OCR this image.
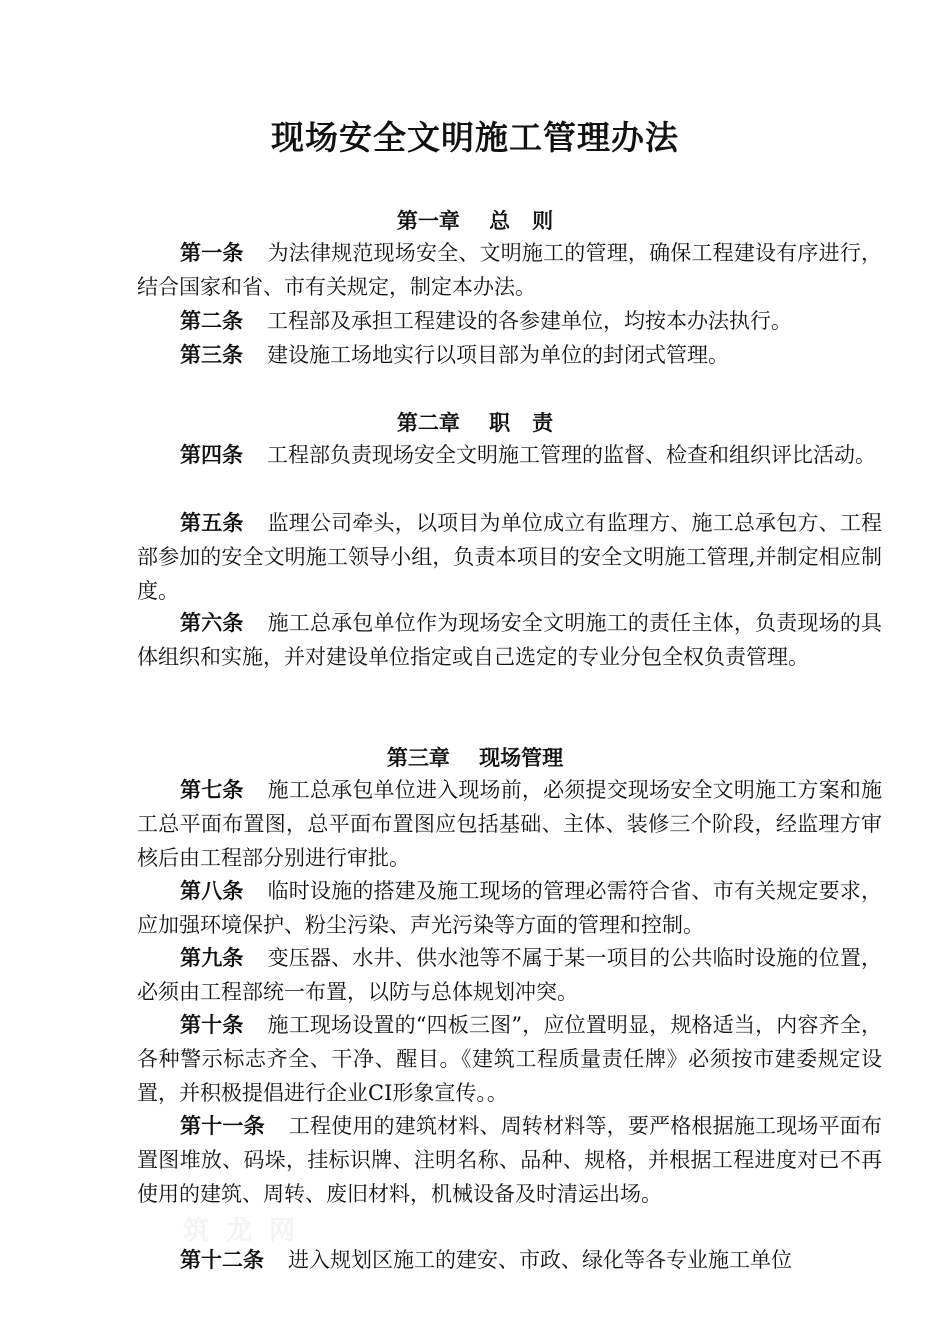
现场安全文明施工管理办法
第一章    总   则
第一条 为法律规范现场安全、文明施工的管理，确保工程建设有序进行，结合国家和省、市有关规定，制定本办法。
第二条 工程部及承担工程建设的各参建单位，均按本办法执行。
第三条 建设施工场地实行以项目部为单位的封闭式管理。
第二章    职   责
第四条 工程部负责现场安全文明施工管理的监督、检查和组织评比活动。
第五条 监理公司牵头，以项目为单位成立有监理方、施工总承包方、工程部参加的安全文明施工领导小组，负责本项目的安全文明施工管理,并制定相应制度。
第六条 施工总承包单位作为现场安全文明施工的责任主体，负责现场的具体组织和实施，并对建设单位指定或自己选定的专业分包全权负责管理。
第三章    现场管理
第七条 施工总承包单位进入现场前，必须提交现场安全文明施工方案和施工总平面布置图，总平面布置图应包括基础、主体、装修三个阶段，经监理方审核后由工程部分别进行审批。
第八条 临时设施的搭建及施工现场的管理必需符合省、市有关规定要求，应加强环境保护、粉尘污染、声光污染等方面的管理和控制。
第九条 变压器、水井、供水池等不属于某一项目的公共临时设施的位置，必须由工程部统一布置，以防与总体规划冲突。
第十条 施工现场设置的“四板三图”，应位置明显，规格适当，内容齐全，各种警示标志齐全、干净、醒目。《建筑工程质量责任牌》必须按市建委规定设置，并积极提倡进行企业CI形象宣传。。
第十一条 工程使用的建筑材料、周转材料等，要严格根据施工现场平面布置图堆放、码垛，挂标识牌、注明名称、品种、规格，并根据工程进度对已不再使用的建筑、周转、废旧材料，机械设备及时清运出场。
第十二条 进入规划区施工的建安、市政、绿化等各专业施工单位
筑 龙 网
